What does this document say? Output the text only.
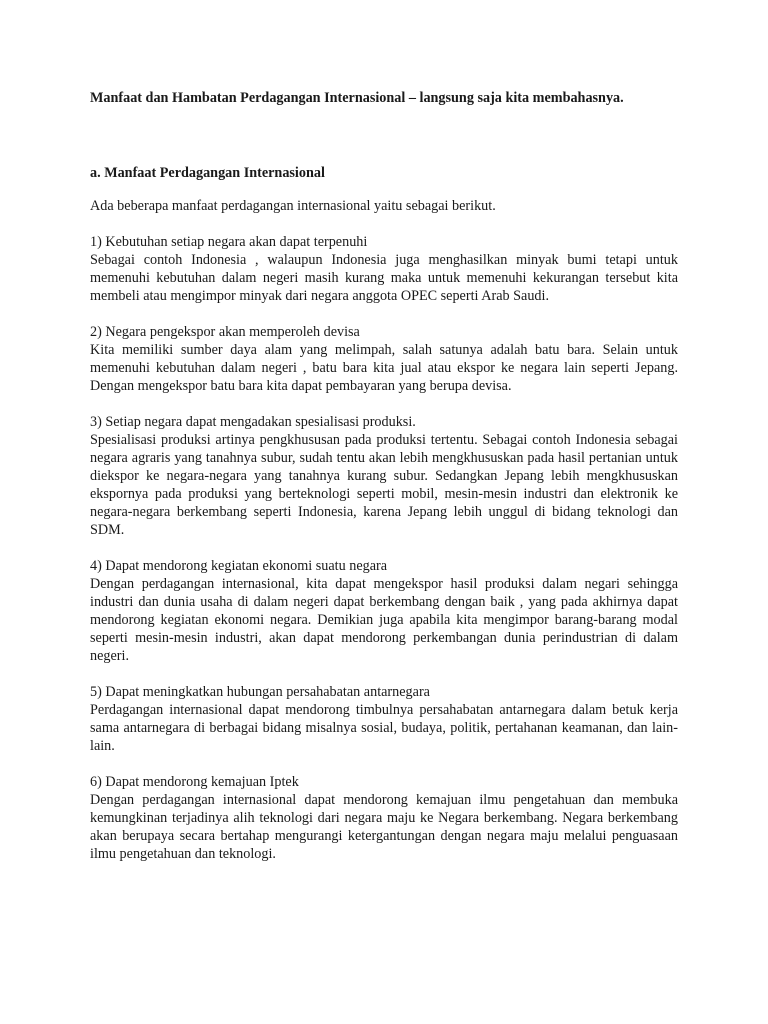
Manfaat dan Hambatan Perdagangan Internasional – langsung saja kita membahasnya.

a. Manfaat Perdagangan Internasional

Ada beberapa manfaat perdagangan internasional yaitu sebagai berikut.

1) Kebutuhan setiap negara akan dapat terpenuhi

Sebagai contoh Indonesia , walaupun Indonesia juga menghasilkan minyak bumi tetapi untuk memenuhi kebutuhan dalam negeri masih kurang maka untuk memenuhi kekurangan tersebut kita membeli atau mengimpor minyak dari negara anggota OPEC seperti Arab Saudi.

2) Negara pengekspor akan memperoleh devisa

Kita memiliki sumber daya alam yang melimpah, salah satunya adalah batu bara. Selain untuk memenuhi kebutuhan dalam negeri , batu bara kita jual atau ekspor ke negara lain seperti Jepang. Dengan mengekspor batu bara kita dapat pembayaran yang berupa devisa.

3) Setiap negara dapat mengadakan spesialisasi produksi.

Spesialisasi produksi artinya pengkhususan pada produksi tertentu. Sebagai contoh Indonesia sebagai negara agraris yang tanahnya subur, sudah tentu akan lebih mengkhususkan pada hasil pertanian untuk diekspor ke negara-negara yang tanahnya kurang subur. Sedangkan Jepang lebih mengkhususkan ekspornya pada produksi yang berteknologi seperti mobil, mesin-mesin industri dan elektronik ke negara-negara berkembang seperti Indonesia, karena Jepang lebih unggul di bidang teknologi dan SDM.

4) Dapat mendorong kegiatan ekonomi suatu negara

Dengan perdagangan internasional, kita dapat mengekspor hasil produksi dalam negari sehingga industri dan dunia usaha di dalam negeri dapat berkembang dengan baik , yang pada akhirnya dapat mendorong kegiatan ekonomi negara. Demikian juga apabila kita mengimpor barang-barang modal seperti mesin-mesin industri, akan dapat mendorong perkembangan dunia perindustrian di dalam negeri.

5) Dapat meningkatkan hubungan persahabatan antarnegara

Perdagangan internasional dapat mendorong timbulnya persahabatan antarnegara dalam betuk kerja sama antarnegara di berbagai bidang misalnya sosial, budaya, politik, pertahanan keamanan, dan lain-lain.

6) Dapat mendorong kemajuan Iptek

Dengan perdagangan internasional dapat mendorong kemajuan ilmu pengetahuan dan membuka kemungkinan terjadinya alih teknologi dari negara maju ke Negara berkembang. Negara berkembang akan berupaya secara bertahap mengurangi ketergantungan dengan negara maju melalui penguasaan ilmu pengetahuan dan teknologi.
